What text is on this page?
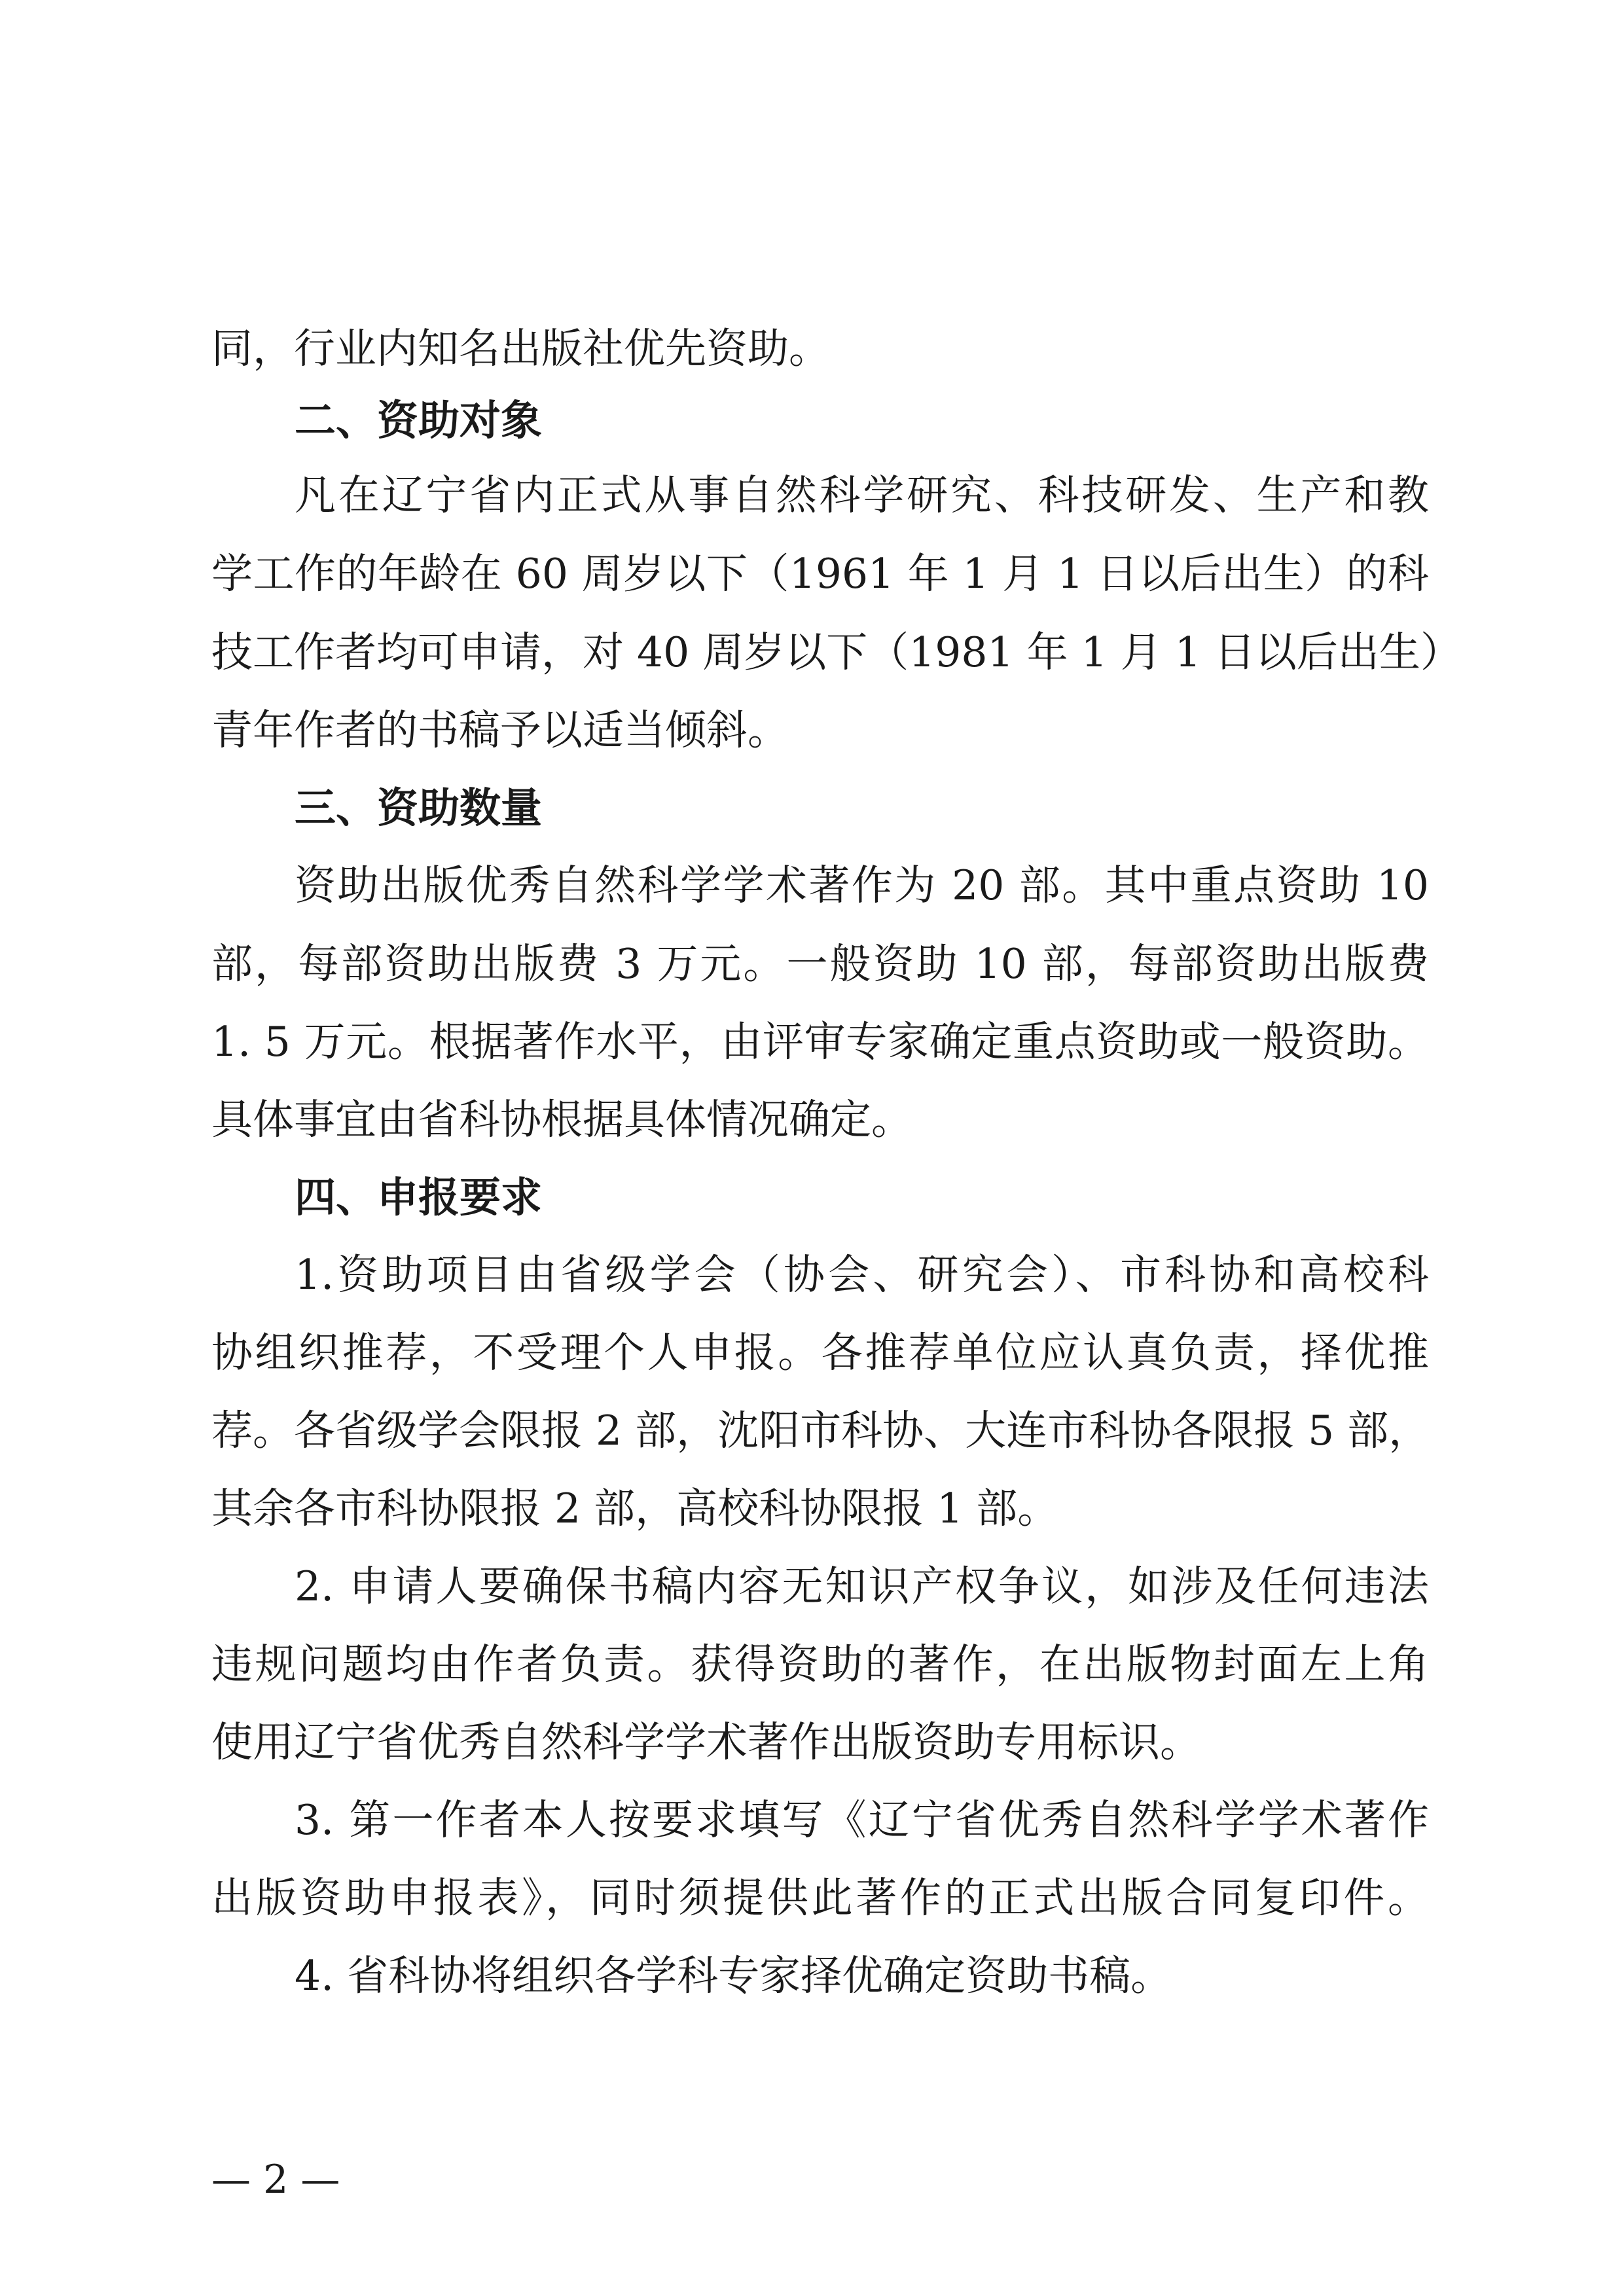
同，行业内知名出版社优先资助。
二、资助对象
凡在辽宁省内正式从事自然科学研究、科技研发、生产和教
学工作的年龄在 60 周岁以下（1961 年 1 月 1 日以后出生）的科
技工作者均可申请，对 40 周岁以下（1981 年 1 月 1 日以后出生）
青年作者的书稿予以适当倾斜。
三、资助数量
资助出版优秀自然科学学术著作为 20 部。其中重点资助 10
部，每部资助出版费 3 万元。一般资助 10 部，每部资助出版费
1. 5 万元。根据著作水平，由评审专家确定重点资助或一般资助。
具体事宜由省科协根据具体情况确定。
四、申报要求
1.资助项目由省级学会（协会、研究会）、市科协和高校科
协组织推荐，不受理个人申报。各推荐单位应认真负责，择优推
荐。各省级学会限报 2 部，沈阳市科协、大连市科协各限报 5 部，
其余各市科协限报 2 部，高校科协限报 1 部。
2. 申请人要确保书稿内容无知识产权争议，如涉及任何违法
违规问题均由作者负责。获得资助的著作，在出版物封面左上角
使用辽宁省优秀自然科学学术著作出版资助专用标识。
3. 第一作者本人按要求填写《辽宁省优秀自然科学学术著作
出版资助申报表》，同时须提供此著作的正式出版合同复印件。
4. 省科协将组织各学科专家择优确定资助书稿。
— 2 —
